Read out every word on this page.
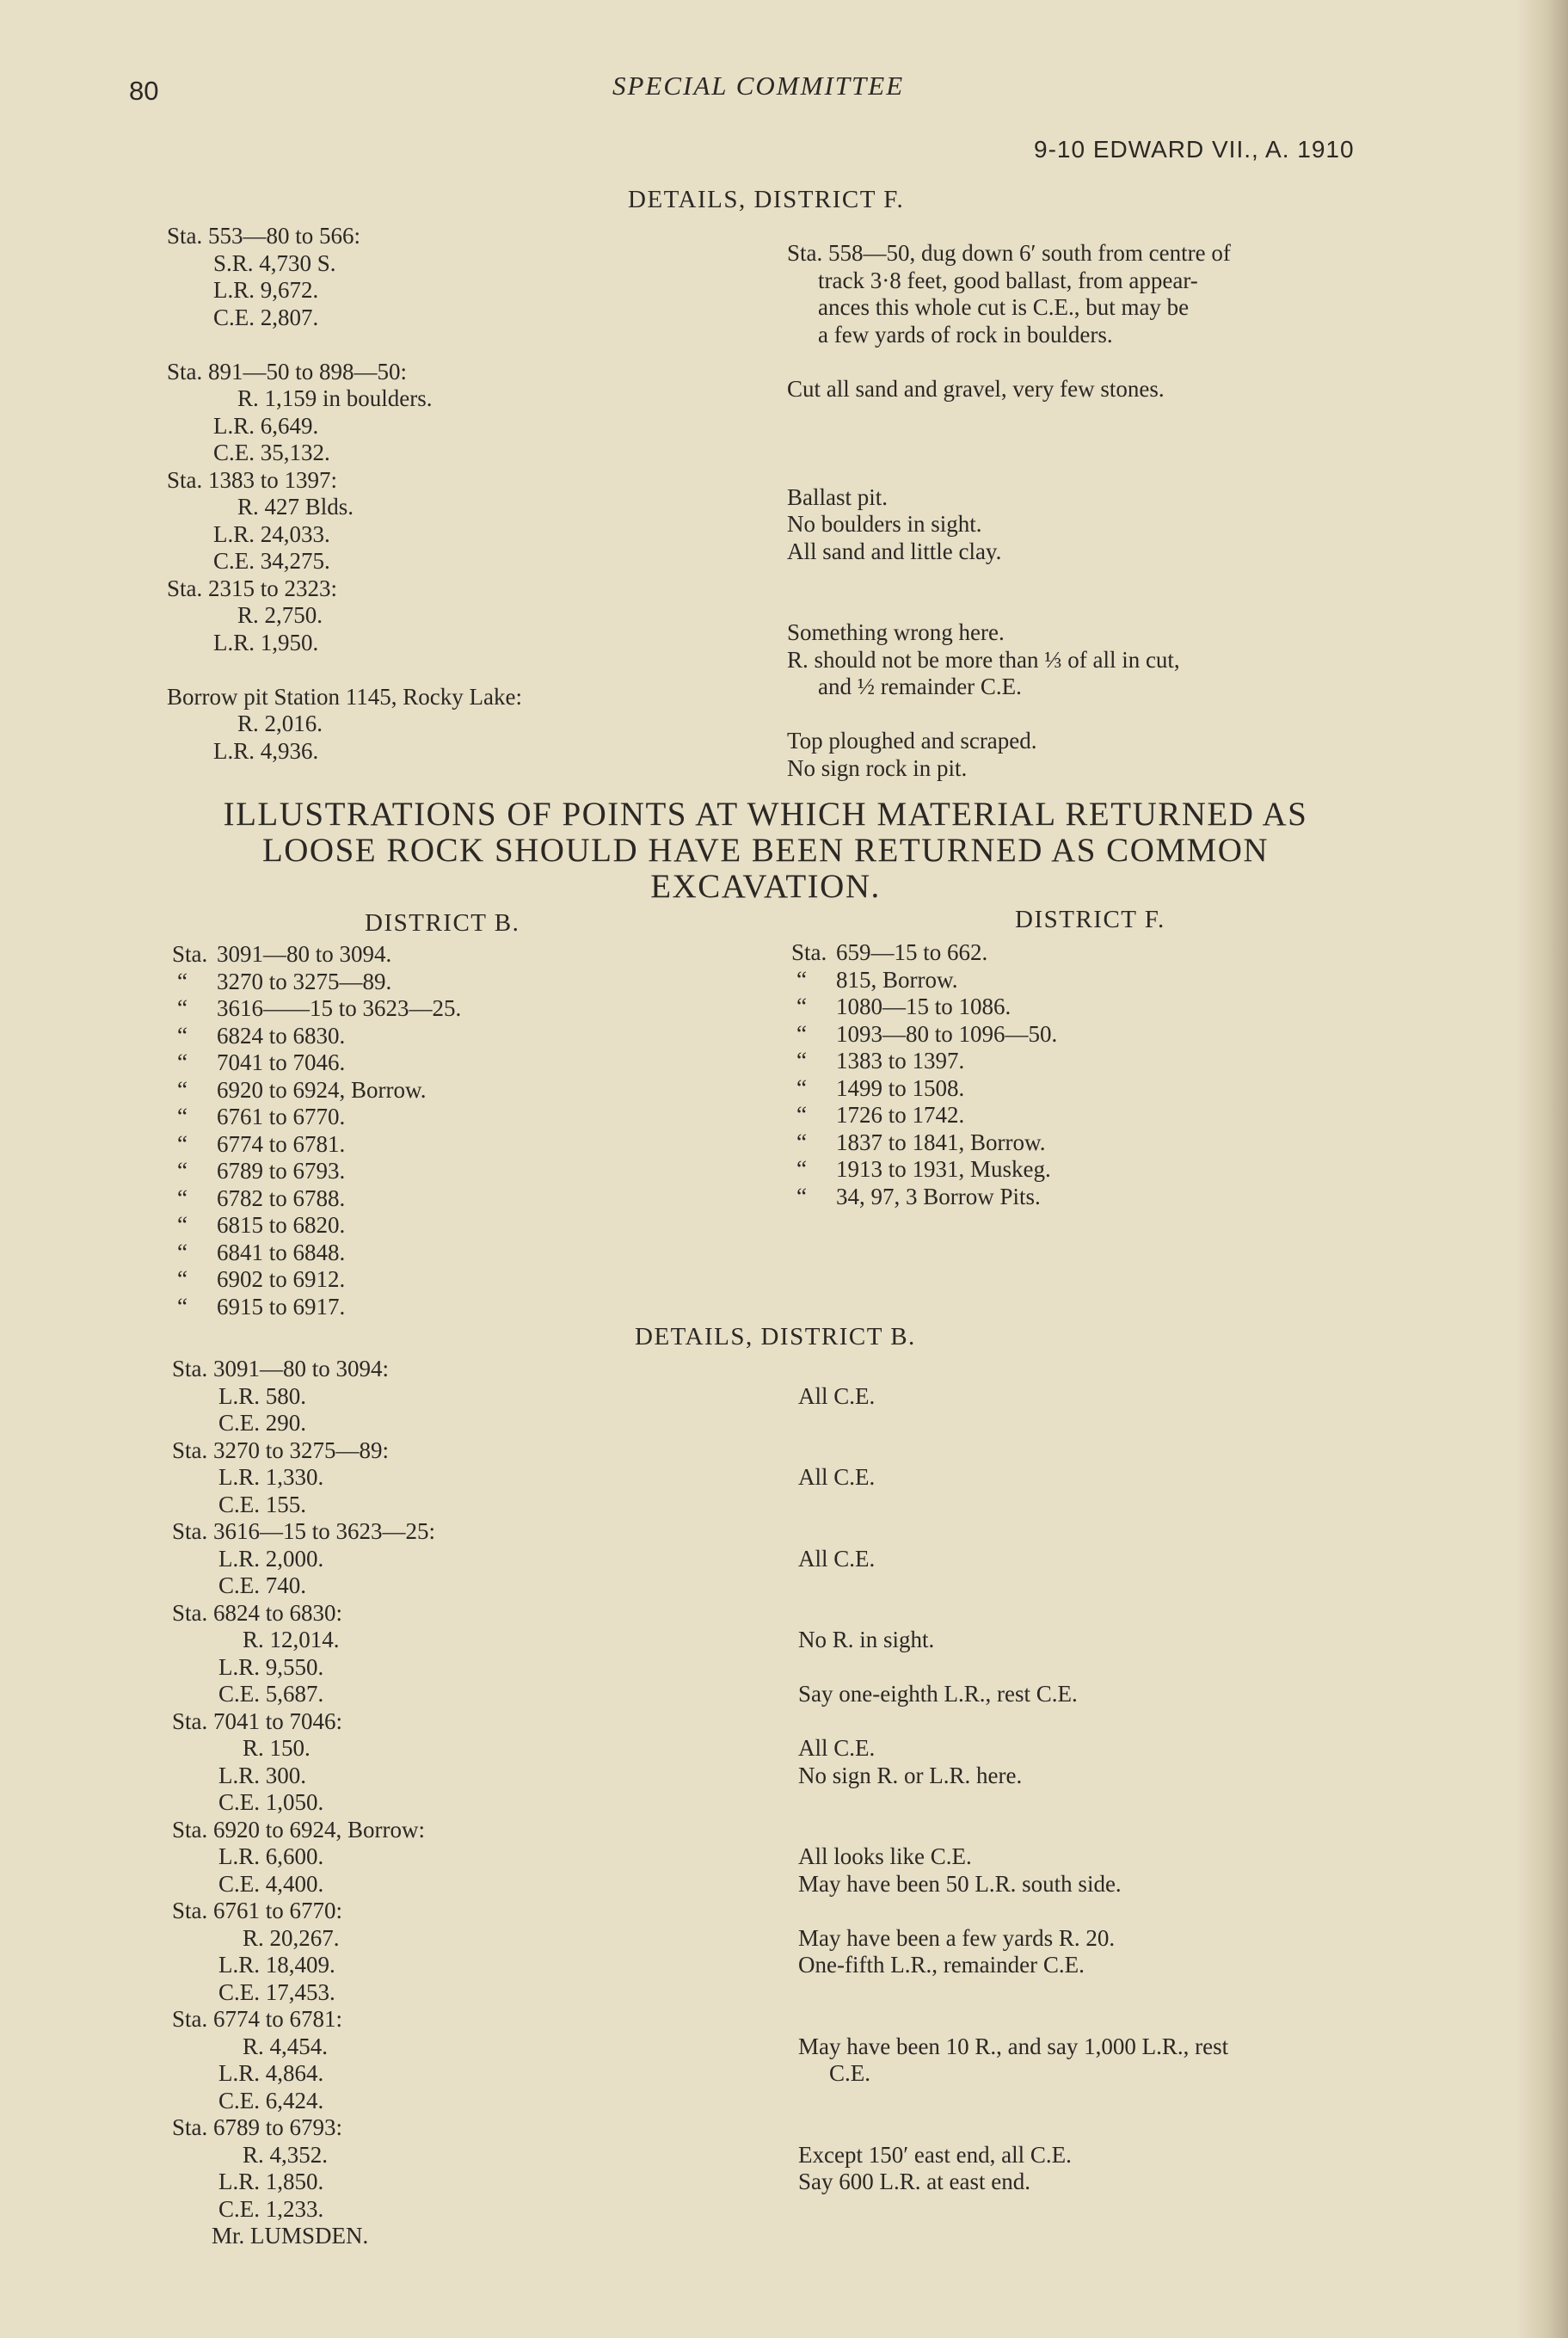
80	SPECIAL COMMITTEE
9-10 EDWARD VII., A. 1910
DETAILS, DISTRICT F.
Sta. 553—80 to 566:
S.R. 4,730 S.
L.R. 9,672.
C.E. 2,807.
Sta. 891—50 to 898—50:
R. 1,159 in boulders.
L.R. 6,649.
C.E. 35,132.
Sta. 1383 to 1397:
R. 427 Blds.
L.R. 24,033.
C.E. 34,275.
Sta. 2315 to 2323:
R. 2,750.
L.R. 1,950.
Borrow pit Station 1145, Rocky Lake:
R. 2,016.
L.R. 4,936.
Sta. 558—50, dug down 6′ south from centre of
track 3·8 feet, good ballast, from appear-
ances this whole cut is C.E., but may be
a few yards of rock in boulders.
Cut all sand and gravel, very few stones.
Ballast pit.
No boulders in sight.
All sand and little clay.
Something wrong here.
R. should not be more than ⅓ of all in cut,
and ½ remainder C.E.
Top ploughed and scraped.
No sign rock in pit.
ILLUSTRATIONS OF POINTS AT WHICH MATERIAL RETURNED AS
LOOSE ROCK SHOULD HAVE BEEN RETURNED AS COMMON
EXCAVATION.
DISTRICT B.	DISTRICT F.
Sta. 3091—80 to 3094.
“ 3270 to 3275—89.
“ 3616——15 to 3623—25.
“ 6824 to 6830.
“ 7041 to 7046.
“ 6920 to 6924, Borrow.
“ 6761 to 6770.
“ 6774 to 6781.
“ 6789 to 6793.
“ 6782 to 6788.
“ 6815 to 6820.
“ 6841 to 6848.
“ 6902 to 6912.
“ 6915 to 6917.
Sta. 659—15 to 662.
“ 815, Borrow.
“ 1080—15 to 1086.
“ 1093—80 to 1096—50.
“ 1383 to 1397.
“ 1499 to 1508.
“ 1726 to 1742.
“ 1837 to 1841, Borrow.
“ 1913 to 1931, Muskeg.
“ 34, 97, 3 Borrow Pits.
DETAILS, DISTRICT B.
Sta. 3091—80 to 3094:
L.R. 580.
C.E. 290.
Sta. 3270 to 3275—89:
L.R. 1,330.
C.E. 155.
Sta. 3616—15 to 3623—25:
L.R. 2,000.
C.E. 740.
Sta. 6824 to 6830:
R. 12,014.
L.R. 9,550.
C.E. 5,687.
Sta. 7041 to 7046:
R. 150.
L.R. 300.
C.E. 1,050.
Sta. 6920 to 6924, Borrow:
L.R. 6,600.
C.E. 4,400.
Sta. 6761 to 6770:
R. 20,267.
L.R. 18,409.
C.E. 17,453.
Sta. 6774 to 6781:
R. 4,454.
L.R. 4,864.
C.E. 6,424.
Sta. 6789 to 6793:
R. 4,352.
L.R. 1,850.
C.E. 1,233.
Mr. LUMSDEN.
All C.E.
All C.E.
All C.E.
No R. in sight.
Say one-eighth L.R., rest C.E.
All C.E.
No sign R. or L.R. here.
All looks like C.E.
May have been 50 L.R. south side.
May have been a few yards R. 20.
One-fifth L.R., remainder C.E.
May have been 10 R., and say 1,000 L.R., rest
C.E.
Except 150′ east end, all C.E.
Say 600 L.R. at east end.
